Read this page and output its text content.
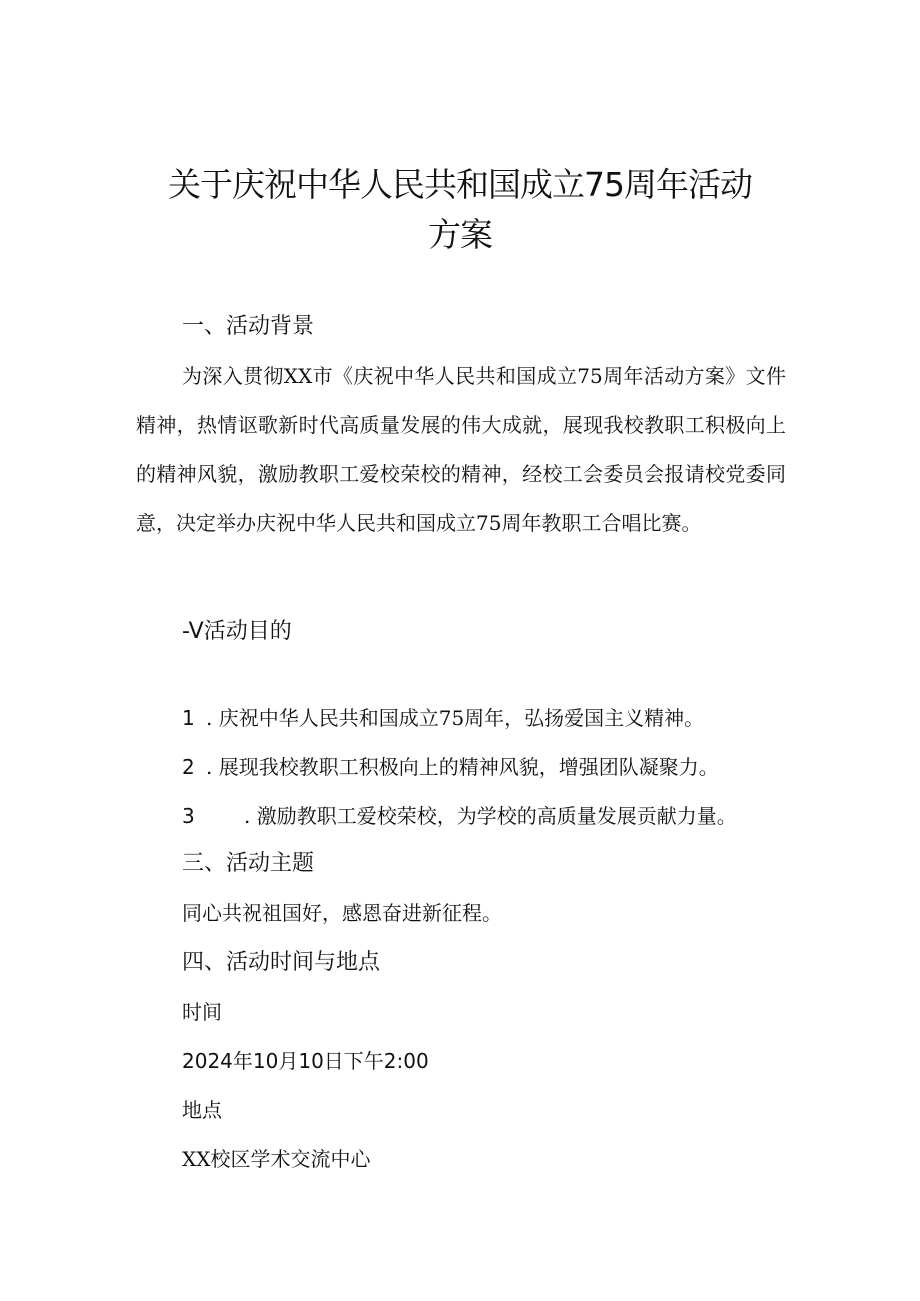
关于庆祝中华人民共和国成立75周年活动
方案
一、活动背景

为深入贯彻XX市《庆祝中华人民共和国成立75周年活动方案》文件精神，热情讴歌新时代高质量发展的伟大成就，展现我校教职工积极向上的精神风貌，激励教职工爱校荣校的精神，经校工会委员会报请校党委同意，决定举办庆祝中华人民共和国成立75周年教职工合唱比赛。

-V活动目的

1 . 庆祝中华人民共和国成立75周年，弘扬爱国主义精神。

2 . 展现我校教职工积极向上的精神风貌，增强团队凝聚力。

3 . 激励教职工爱校荣校，为学校的高质量发展贡献力量。

三、活动主题

同心共祝祖国好，感恩奋进新征程。

四、活动时间与地点

时间

2024年10月10日下午2:00

地点

XX校区学术交流中心
